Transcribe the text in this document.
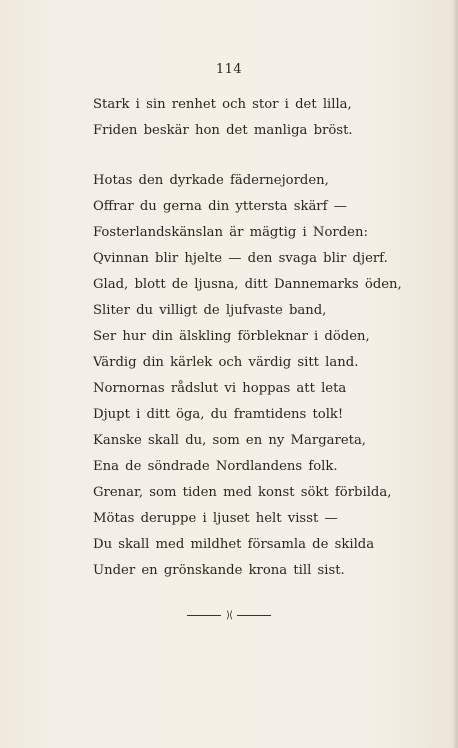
114
Stark i sin renhet och stor i det lilla,
Friden beskär hon det manliga bröst.
Hotas den dyrkade fädernejorden,
Offrar du gerna din yttersta skärf —
Fosterlandskänslan är mägtig i Norden:
Qvinnan blir hjelte — den svaga blir djerf.
Glad, blott de ljusna, ditt Dannemarks öden,
Sliter du villigt de ljufvaste band,
Ser hur din älskling förbleknar i döden,
Värdig din kärlek och värdig sitt land.
Nornornas rådslut vi hoppas att leta
Djupt i ditt öga, du framtidens tolk!
Kanske skall du, som en ny Margareta,
Ena de söndrade Nordlandens folk.
Grenar, som tiden med konst sökt förbilda,
Mötas deruppe i ljuset helt visst —
Du skall med mildhet församla de skilda
Under en grönskande krona till sist.
⟩⟨
